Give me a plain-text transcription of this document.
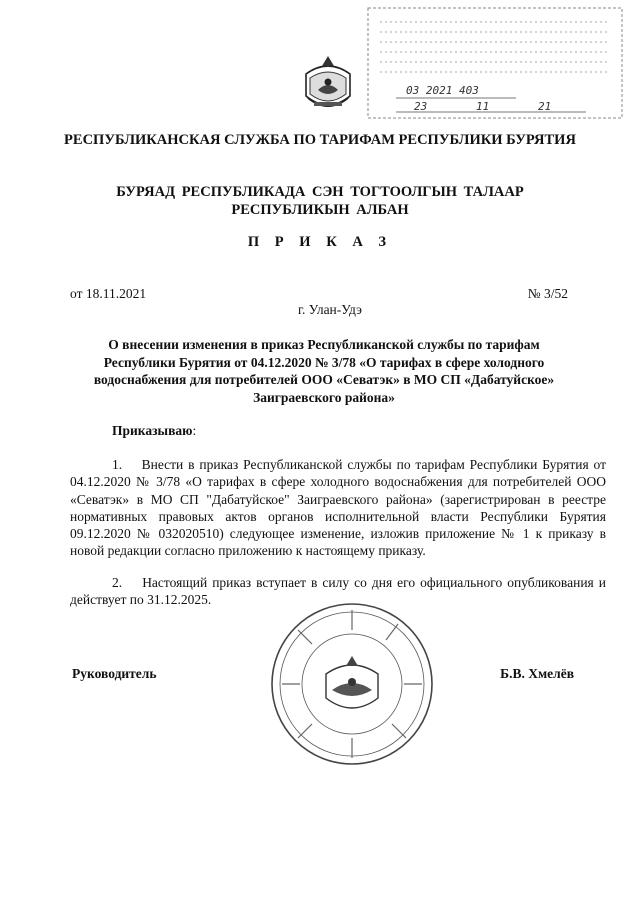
03 2021 403
23	11	21
РЕСПУБЛИКАНСКАЯ СЛУЖБА ПО ТАРИФАМ РЕСПУБЛИКИ БУРЯТИЯ
БУРЯАД РЕСПУБЛИКАДА СЭН ТОГТООЛГЫН ТАЛААР РЕСПУБЛИКЫН АЛБАН
П Р И К А З
от 18.11.2021	№ 3/52
г. Улан-Удэ
О внесении изменения в приказ Республиканской службы по тарифам Республики Бурятия от 04.12.2020 № 3/78 «О тарифах в сфере холодного водоснабжения для потребителей ООО «Севатэк» в МО СП «Дабатуйское» Заиграевского района»
Приказываю:
1.    Внести в приказ Республиканской службы по тарифам Республики Бурятия от 04.12.2020 № 3/78 «О тарифах в сфере холодного водоснабжения для потребителей ООО «Севатэк» в МО СП "Дабатуйское" Заиграевского района» (зарегистрирован в реестре нормативных правовых актов органов исполнительной власти Республики Бурятия 09.12.2020 № 032020510) следующее изменение, изложив приложение № 1 к приказу в новой редакции согласно приложению к настоящему приказу.
2.    Настоящий приказ вступает в силу со дня его официального опубликования и действует по 31.12.2025.
Руководитель	Б.В. Хмелёв
